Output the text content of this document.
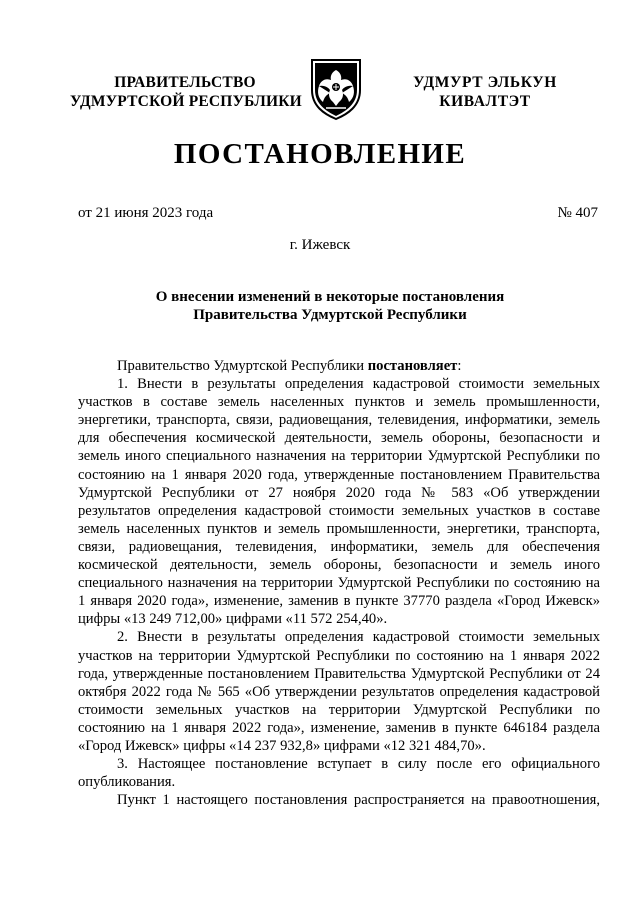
ПРАВИТЕЛЬСТВО
УДМУРТСКОЙ РЕСПУБЛИКИ
УДМУРТ ЭЛЬКУН
КИВАЛТЭТ
ПОСТАНОВЛЕНИЕ
от 21 июня 2023 года	№ 407
г. Ижевск
О внесении изменений в некоторые постановления
Правительства Удмуртской Республики

Правительство Удмуртской Республики постановляет:

1. Внести в результаты определения кадастровой стоимости земельных участков в составе земель населенных пунктов и земель промышленности, энергетики, транспорта, связи, радиовещания, телевидения, информатики, земель для обеспечения космической деятельности, земель обороны, безопасности и земель иного специального назначения на территории Удмуртской Республики по состоянию на 1 января 2020 года, утвержденные постановлением Правительства Удмуртской Республики от 27 ноября 2020 года № 583 «Об утверждении результатов определения кадастровой стоимости земельных участков в составе земель населенных пунктов и земель промышленности, энергетики, транспорта, связи, радиовещания, телевидения, информатики, земель для обеспечения космической деятельности, земель обороны, безопасности и земель иного специального назначения на территории Удмуртской Республики по состоянию на 1 января 2020 года», изменение, заменив в пункте 37770 раздела «Город Ижевск» цифры «13 249 712,00» цифрами «11 572 254,40».

2. Внести в результаты определения кадастровой стоимости земельных участков на территории Удмуртской Республики по состоянию на 1 января 2022 года, утвержденные постановлением Правительства Удмуртской Республики от 24 октября 2022 года № 565 «Об утверждении результатов определения кадастровой стоимости земельных участков на территории Удмуртской Республики по состоянию на 1 января 2022 года», изменение, заменив в пункте 646184 раздела «Город Ижевск» цифры «14 237 932,8» цифрами «12 321 484,70».

3. Настоящее постановление вступает в силу после его официального опубликования.

Пункт 1 настоящего постановления распространяется на правоотношения,
